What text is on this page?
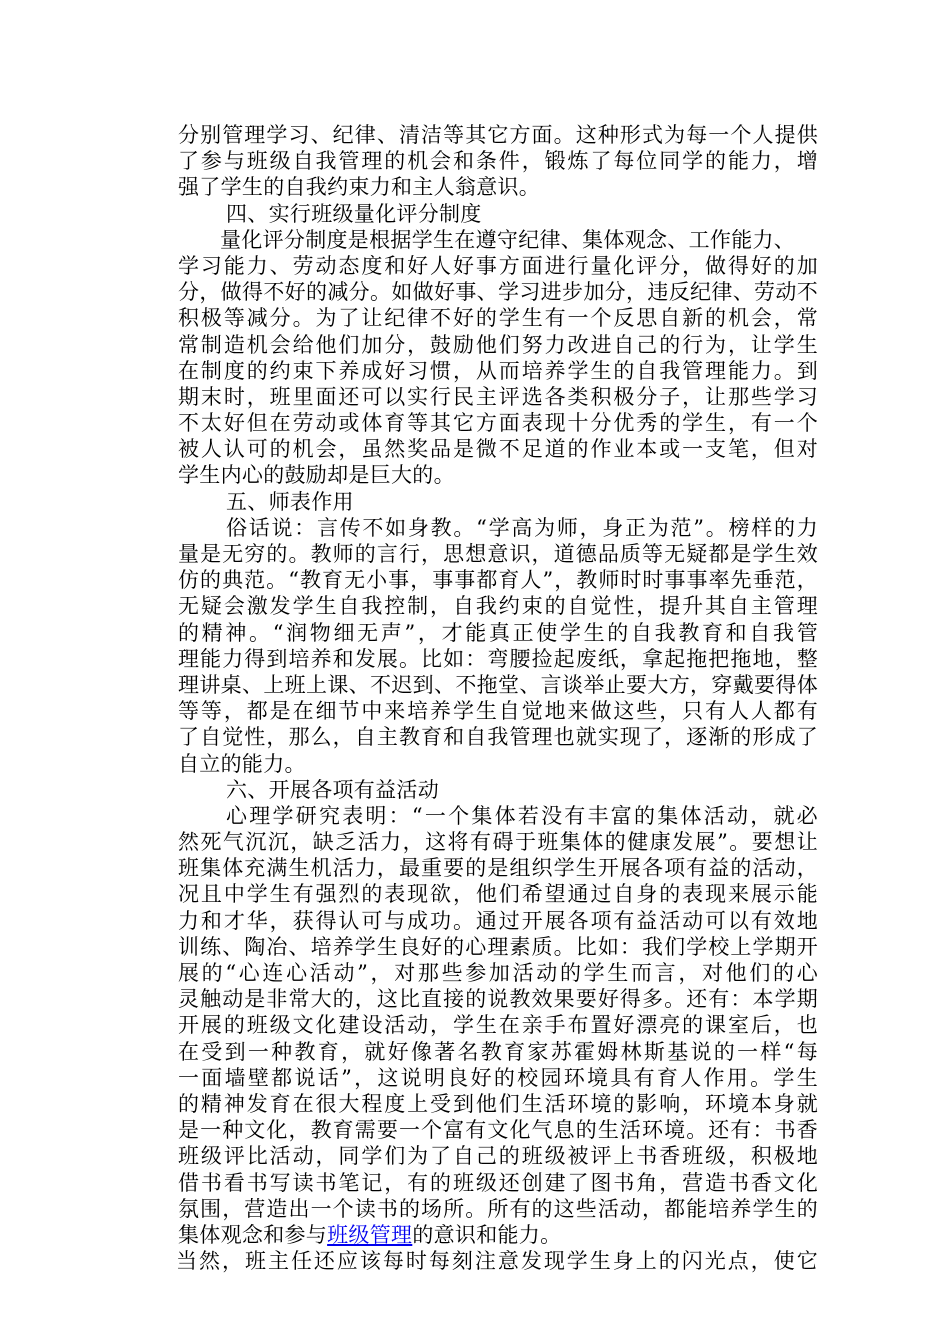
分别管理学习、纪律、清洁等其它方面。这种形式为每一个人提供
了参与班级自我管理的机会和条件，锻炼了每位同学的能力，增
强了学生的自我约束力和主人翁意识。
四、实行班级量化评分制度
量化评分制度是根据学生在遵守纪律、集体观念、工作能力、
学习能力、劳动态度和好人好事方面进行量化评分，做得好的加
分，做得不好的减分。如做好事、学习进步加分，违反纪律、劳动不
积极等减分。为了让纪律不好的学生有一个反思自新的机会，常
常制造机会给他们加分，鼓励他们努力改进自己的行为，让学生
在制度的约束下养成好习惯，从而培养学生的自我管理能力。到
期末时，班里面还可以实行民主评选各类积极分子，让那些学习
不太好但在劳动或体育等其它方面表现十分优秀的学生，有一个
被人认可的机会，虽然奖品是微不足道的作业本或一支笔，但对
学生内心的鼓励却是巨大的。
五、师表作用
俗话说：言传不如身教。“学高为师，身正为范”。榜样的力
量是无穷的。教师的言行，思想意识，道德品质等无疑都是学生效
仿的典范。“教育无小事，事事都育人”，教师时时事事率先垂范，
无疑会激发学生自我控制，自我约束的自觉性，提升其自主管理
的精神。“润物细无声”，才能真正使学生的自我教育和自我管
理能力得到培养和发展。比如：弯腰捡起废纸，拿起拖把拖地，整
理讲桌、上班上课、不迟到、不拖堂、言谈举止要大方，穿戴要得体
等等，都是在细节中来培养学生自觉地来做这些，只有人人都有
了自觉性，那么，自主教育和自我管理也就实现了，逐渐的形成了
自立的能力。
六、开展各项有益活动
心理学研究表明：“一个集体若没有丰富的集体活动，就必
然死气沉沉，缺乏活力，这将有碍于班集体的健康发展”。要想让
班集体充满生机活力，最重要的是组织学生开展各项有益的活动，
况且中学生有强烈的表现欲，他们希望通过自身的表现来展示能
力和才华，获得认可与成功。通过开展各项有益活动可以有效地
训练、陶冶、培养学生良好的心理素质。比如：我们学校上学期开
展的“心连心活动”，对那些参加活动的学生而言，对他们的心
灵触动是非常大的，这比直接的说教效果要好得多。还有：本学期
开展的班级文化建设活动，学生在亲手布置好漂亮的课室后，也
在受到一种教育，就好像著名教育家苏霍姆林斯基说的一样“每
一面墙壁都说话”，这说明良好的校园环境具有育人作用。学生
的精神发育在很大程度上受到他们生活环境的影响，环境本身就
是一种文化，教育需要一个富有文化气息的生活环境。还有：书香
班级评比活动，同学们为了自己的班级被评上书香班级，积极地
借书看书写读书笔记，有的班级还创建了图书角，营造书香文化
氛围，营造出一个读书的场所。所有的这些活动，都能培养学生的
集体观念和参与班级管理的意识和能力。
当然，班主任还应该每时每刻注意发现学生身上的闪光点，使它
